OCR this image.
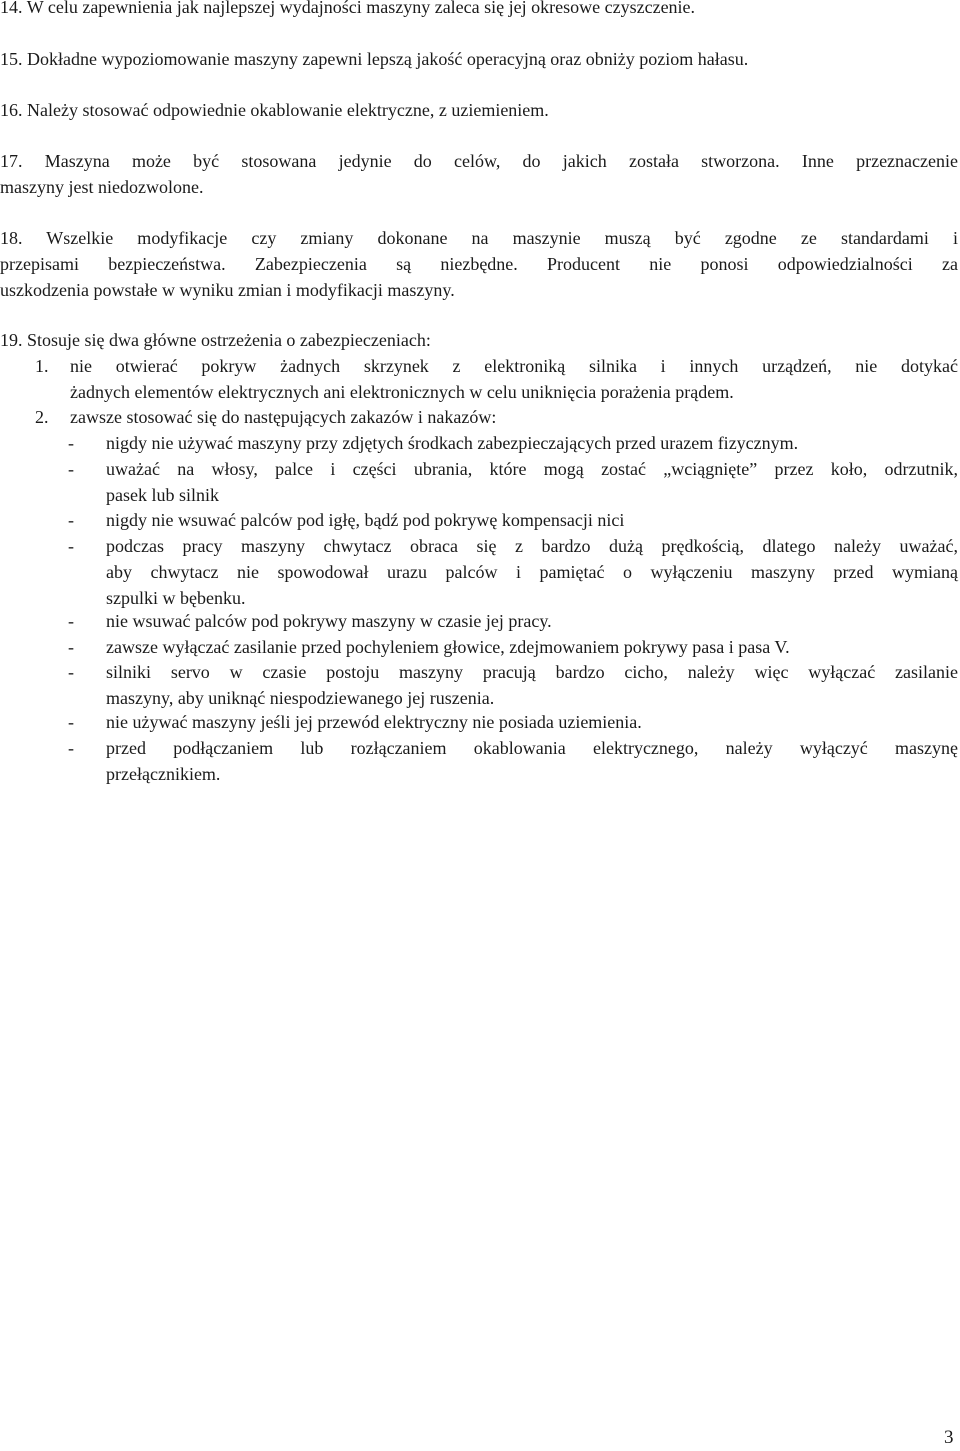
14. W celu zapewnienia jak najlepszej wydajności maszyny zaleca się jej okresowe czyszczenie.
15. Dokładne wypoziomowanie maszyny zapewni lepszą jakość operacyjną oraz obniży poziom hałasu.
16. Należy stosować odpowiednie okablowanie elektryczne, z uziemieniem.
17. Maszyna może być stosowana jedynie do celów, do jakich została stworzona. Inne przeznaczenie
maszyny jest niedozwolone.
18. Wszelkie modyfikacje czy zmiany dokonane na maszynie muszą być zgodne ze standardami i
przepisami bezpieczeństwa. Zabezpieczenia są niezbędne. Producent nie ponosi odpowiedzialności za
uszkodzenia powstałe w wyniku zmian i modyfikacji maszyny.
19. Stosuje się dwa główne ostrzeżenia o zabezpieczeniach:
1. nie otwierać pokryw żadnych skrzynek z elektroniką silnika i innych urządzeń, nie dotykać
żadnych elementów elektrycznych ani elektronicznych w celu uniknięcia porażenia prądem.
2. zawsze stosować się do następujących zakazów i nakazów:
- nigdy nie używać maszyny przy zdjętych środkach zabezpieczających przed urazem fizycznym.
- uważać na włosy, palce i części ubrania, które mogą zostać „wciągnięte” przez koło, odrzutnik,
pasek lub silnik
- nigdy nie wsuwać palców pod igłę, bądź pod pokrywę kompensacji nici
- podczas pracy maszyny chwytacz obraca się z bardzo dużą prędkością, dlatego należy uważać,
aby chwytacz nie spowodował urazu palców i pamiętać o wyłączeniu maszyny przed wymianą
szpulki w bębenku.
- nie wsuwać palców pod pokrywy maszyny w czasie jej pracy.
- zawsze wyłączać zasilanie przed pochyleniem głowice, zdejmowaniem pokrywy pasa i pasa V.
- silniki servo w czasie postoju maszyny pracują bardzo cicho, należy więc wyłączać zasilanie
maszyny, aby uniknąć niespodziewanego jej ruszenia.
- nie używać maszyny jeśli jej przewód elektryczny nie posiada uziemienia.
- przed podłączaniem lub rozłączaniem okablowania elektrycznego, należy wyłączyć maszynę
przełącznikiem.
3
